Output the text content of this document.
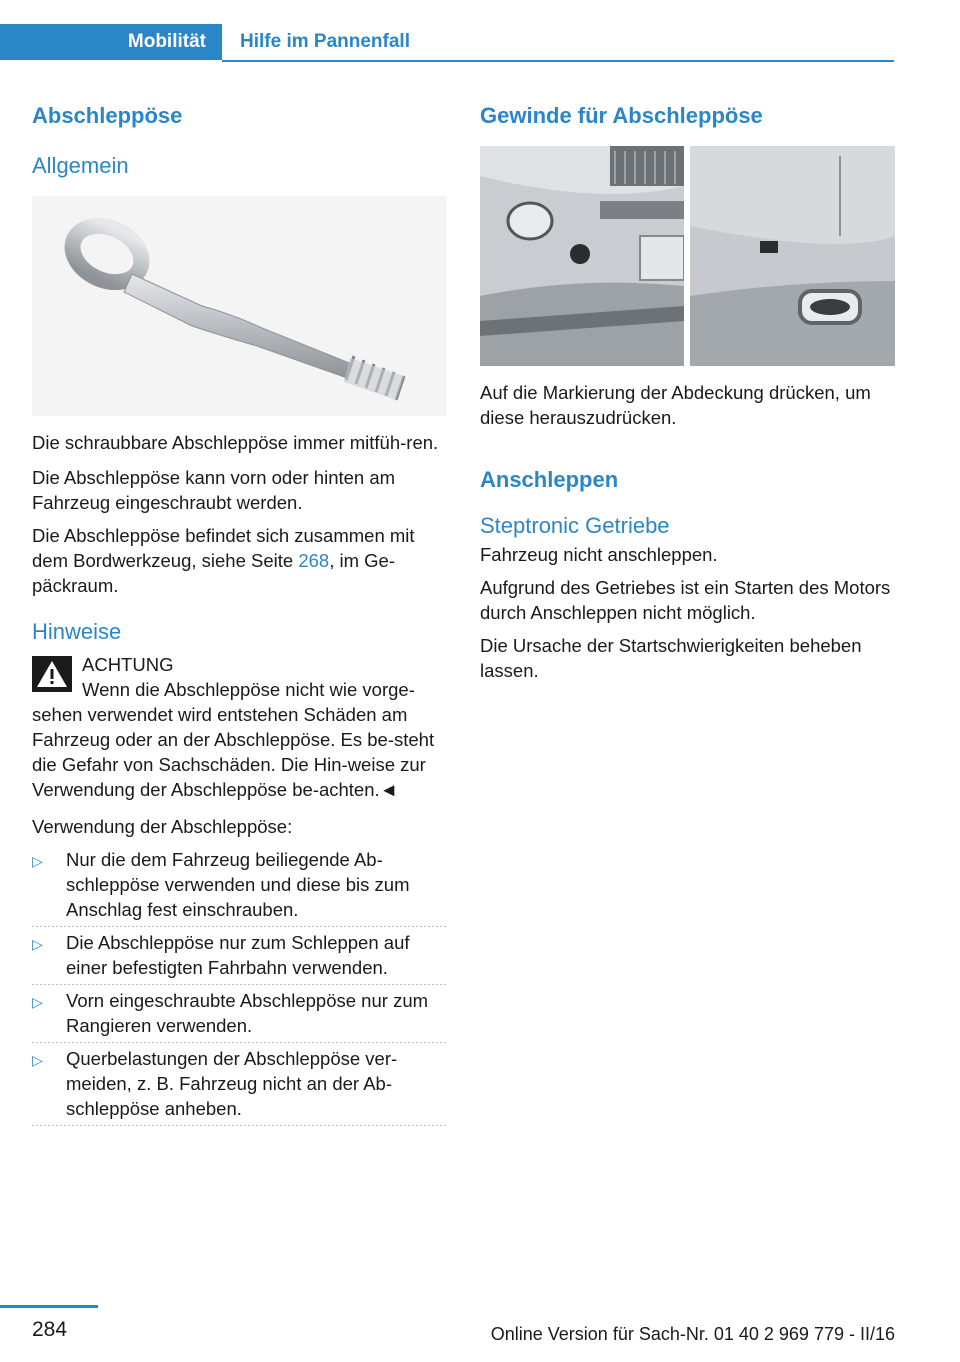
Mobilität	Hilfe im Pannenfall
Abschleppöse
Allgemein

Die schraubbare Abschleppöse immer mitfüh-ren.

Die Abschleppöse kann vorn oder hinten am Fahrzeug eingeschraubt werden.

Die Abschleppöse befindet sich zusammen mit dem Bordwerkzeug, siehe Seite 268, im Ge-päckraum.

Hinweise
ACHTUNG

Wenn die Abschleppöse nicht wie vorge-

sehen verwendet wird entstehen Schäden am Fahrzeug oder an der Abschleppöse. Es be-steht die Gefahr von Sachschäden. Die Hin-weise zur Verwendung der Abschleppöse be-achten.◄

Verwendung der Abschleppöse:

▷ Nur die dem Fahrzeug beiliegende Ab-schleppöse verwenden und diese bis zum Anschlag fest einschrauben.
▷ Die Abschleppöse nur zum Schleppen auf einer befestigten Fahrbahn verwenden.
▷ Vorn eingeschraubte Abschleppöse nur zum Rangieren verwenden.
▷ Querbelastungen der Abschleppöse ver-meiden, z. B. Fahrzeug nicht an der Ab-schleppöse anheben.
Gewinde für Abschleppöse

Auf die Markierung der Abdeckung drücken, um diese herauszudrücken.

Anschleppen
Steptronic Getriebe

Fahrzeug nicht anschleppen.

Aufgrund des Getriebes ist ein Starten des Motors durch Anschleppen nicht möglich.

Die Ursache der Startschwierigkeiten beheben lassen.

284	Online Version für Sach-Nr. 01 40 2 969 779 - II/16
